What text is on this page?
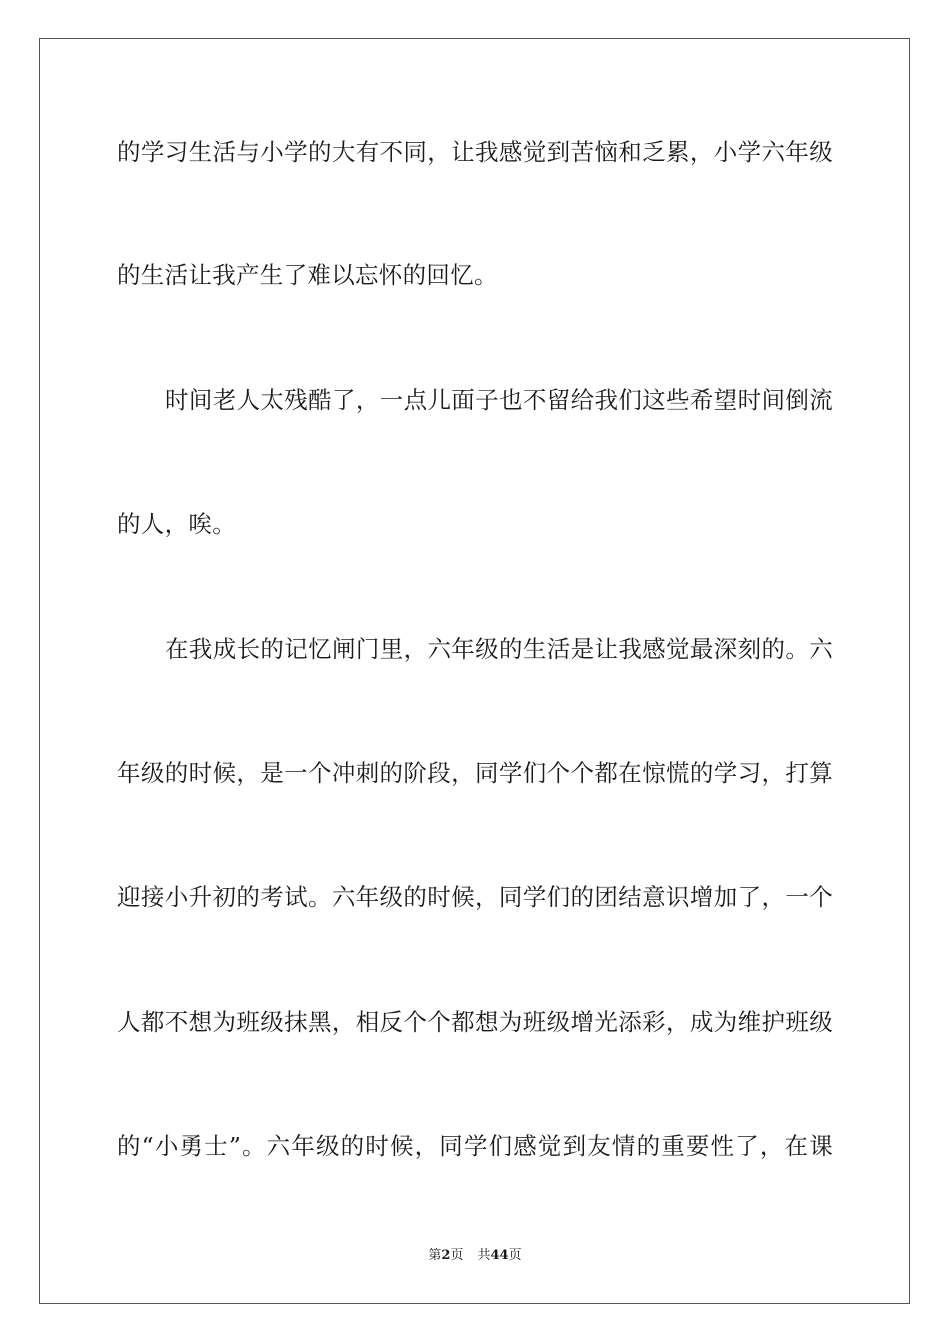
的学习生活与小学的大有不同，让我感觉到苦恼和乏累，小学六年级
的生活让我产生了难以忘怀的回忆。
时间老人太残酷了，一点儿面子也不留给我们这些希望时间倒流
的人，唉。
在我成长的记忆闸门里，六年级的生活是让我感觉最深刻的。六
年级的时候，是一个冲刺的阶段，同学们个个都在惊慌的学习，打算
迎接小升初的考试。六年级的时候，同学们的团结意识增加了，一个
人都不想为班级抹黑，相反个个都想为班级增光添彩，成为维护班级
的“小勇士”。六年级的时候，同学们感觉到友情的重要性了，在课
第2页 共44页
